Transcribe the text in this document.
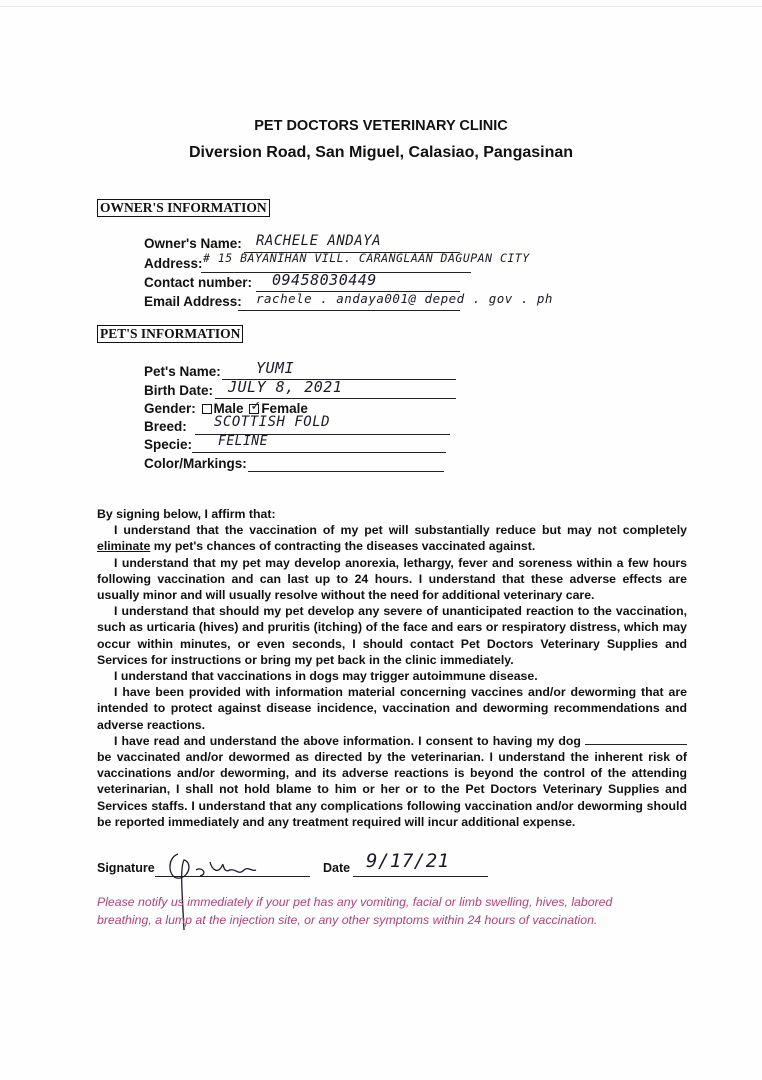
PET DOCTORS VETERINARY CLINIC
Diversion Road, San Miguel, Calasiao, Pangasinan
OWNER'S INFORMATION
Owner's Name: RACHELE ANDAYA
Address: # 15 BAYANIHAN VILL. CARANGLAAN DAGUPAN CITY
Contact number: 09458030449
Email Address: rachele . andaya001@ deped . gov . ph
PET'S INFORMATION
Pet's Name: YUMI
Birth Date: JULY 8, 2021
Gender: Male ✓ Female
Breed: SCOTTISH FOLD
Specie: FELINE
Color/Markings:

By signing below, I affirm that:

I understand that the vaccination of my pet will substantially reduce but may not completely eliminate my pet's chances of contracting the diseases vaccinated against.

I understand that my pet may develop anorexia, lethargy, fever and soreness within a few hours following vaccination and can last up to 24 hours. I understand that these adverse effects are usually minor and will usually resolve without the need for additional veterinary care.

I understand that should my pet develop any severe of unanticipated reaction to the vaccination, such as urticaria (hives) and pruritis (itching) of the face and ears or respiratory distress, which may occur within minutes, or even seconds, I should contact Pet Doctors Veterinary Supplies and Services for instructions or bring my pet back in the clinic immediately.

I understand that vaccinations in dogs may trigger autoimmune disease.

I have been provided with information material concerning vaccines and/or deworming that are intended to protect against disease incidence, vaccination and deworming recommendations and adverse reactions.

I have read and understand the above information. I consent to having my dog  be vaccinated and/or dewormed as directed by the veterinarian. I understand the inherent risk of vaccinations and/or deworming, and its adverse reactions is beyond the control of the attending veterinarian, I shall not hold blame to him or her or to the Pet Doctors Veterinary Supplies and Services staffs. I understand that any complications following vaccination and/or deworming should be reported immediately and any treatment required will incur additional expense.

Signature	Date 9/17/21
Please notify us immediately if your pet has any vomiting, facial or limb swelling, hives, labored breathing, a lump at the injection site, or any other symptoms within 24 hours of vaccination.
